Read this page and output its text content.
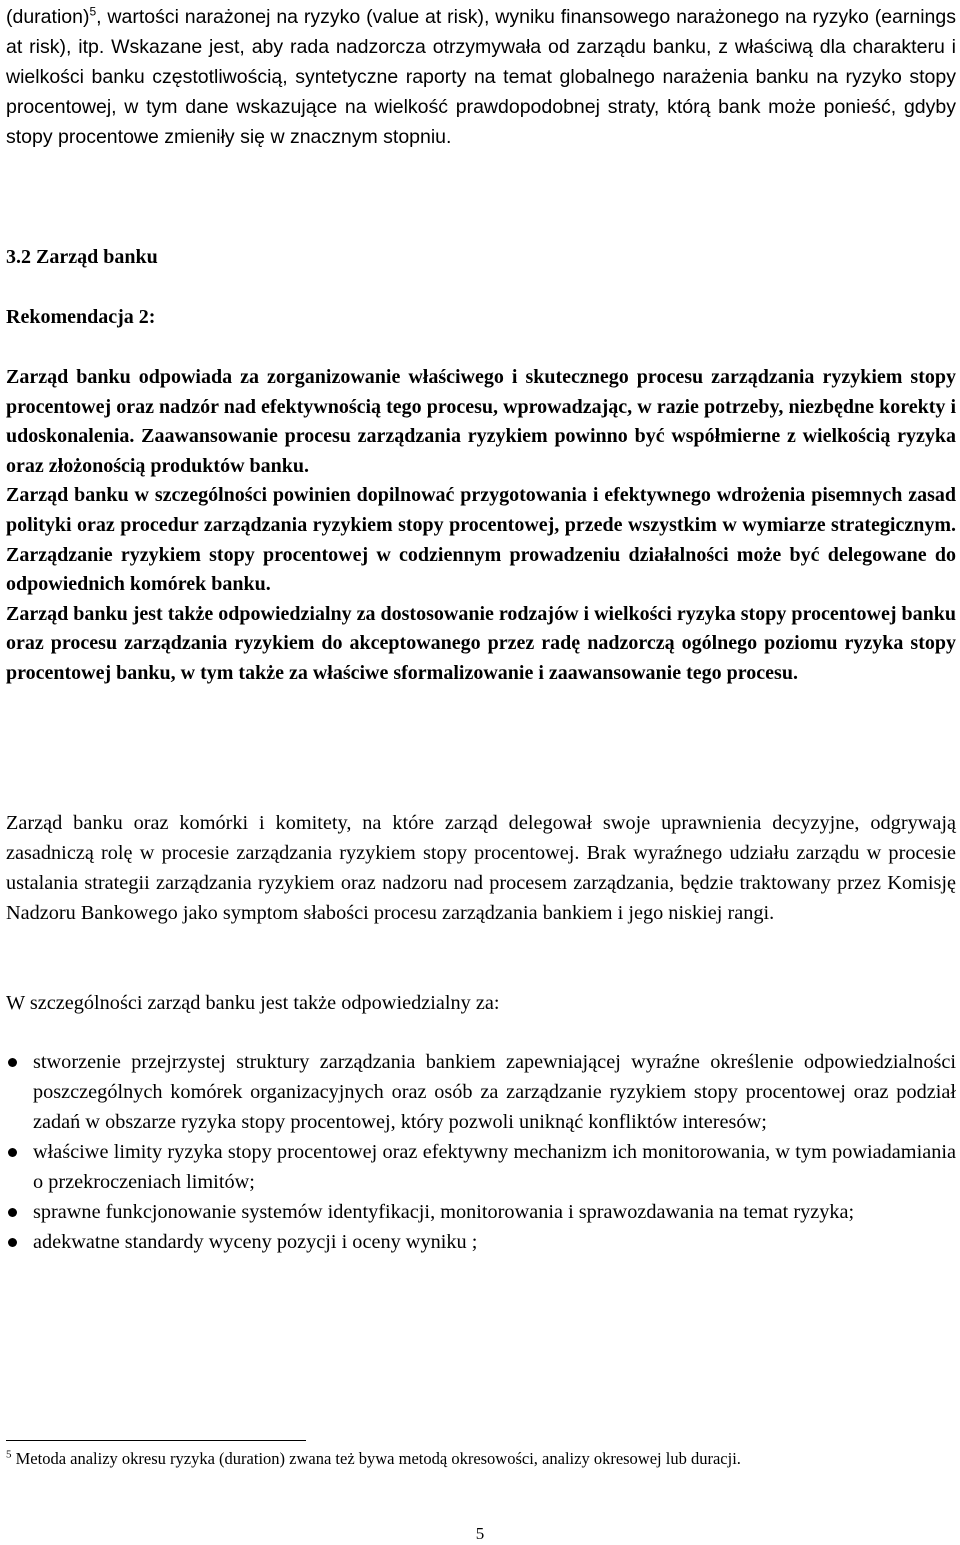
(duration)$^5$, wartości narażonej na ryzyko (value at risk), wyniku finansowego narażonego na ryzyko (earnings at risk), itp. Wskazane jest, aby rada nadzorcza otrzymywała od zarządu banku, z właściwą dla charakteru i wielkości banku częstotliwością, syntetyczne raporty na temat globalnego narażenia banku na ryzyko stopy procentowej, w tym dane wskazujące na wielkość prawdopodobnej straty, którą bank może ponieść, gdyby stopy procentowe zmieniły się w znacznym stopniu.

3.2 Zarząd banku
Rekomendacja 2:

Zarząd banku odpowiada za zorganizowanie właściwego i skutecznego procesu zarządzania ryzykiem stopy procentowej oraz nadzór nad efektywnością tego procesu, wprowadzając, w razie potrzeby, niezbędne korekty i udoskonalenia. Zaawansowanie procesu zarządzania ryzykiem powinno być współmierne z wielkością ryzyka oraz złożonością produktów banku.

Zarząd banku w szczególności powinien dopilnować przygotowania i efektywnego wdrożenia pisemnych zasad polityki oraz procedur zarządzania ryzykiem stopy procentowej, przede wszystkim w wymiarze strategicznym. Zarządzanie ryzykiem stopy procentowej w codziennym prowadzeniu działalności może być delegowane do odpowiednich komórek banku.

Zarząd banku jest także odpowiedzialny za dostosowanie rodzajów i wielkości ryzyka stopy procentowej banku oraz procesu zarządzania ryzykiem do akceptowanego przez radę nadzorczą ogólnego poziomu ryzyka stopy procentowej banku, w tym także za właściwe sformalizowanie i zaawansowanie tego procesu.

Zarząd banku oraz komórki i komitety, na które zarząd delegował swoje uprawnienia decyzyjne, odgrywają zasadniczą rolę w procesie zarządzania ryzykiem stopy procentowej. Brak wyraźnego udziału zarządu w procesie ustalania strategii zarządzania ryzykiem oraz nadzoru nad procesem zarządzania, będzie traktowany przez Komisję Nadzoru Bankowego jako symptom słabości procesu zarządzania bankiem i jego niskiej rangi.

W szczególności zarząd banku jest także odpowiedzialny za:

stworzenie przejrzystej struktury zarządzania bankiem zapewniającej wyraźne określenie odpowiedzialności poszczególnych komórek organizacyjnych oraz osób za zarządzanie ryzykiem stopy procentowej oraz podział zadań w obszarze ryzyka stopy procentowej, który pozwoli uniknąć konfliktów interesów;
właściwe limity ryzyka stopy procentowej oraz efektywny mechanizm ich monitorowania, w tym powiadamiania o przekroczeniach limitów;
sprawne funkcjonowanie systemów identyfikacji, monitorowania i sprawozdawania na temat ryzyka;
adekwatne standardy wyceny pozycji i oceny wyniku ;

$^5$ Metoda analizy okresu ryzyka (duration) zwana też bywa metodą okresowości, analizy okresowej lub duracji.

5
